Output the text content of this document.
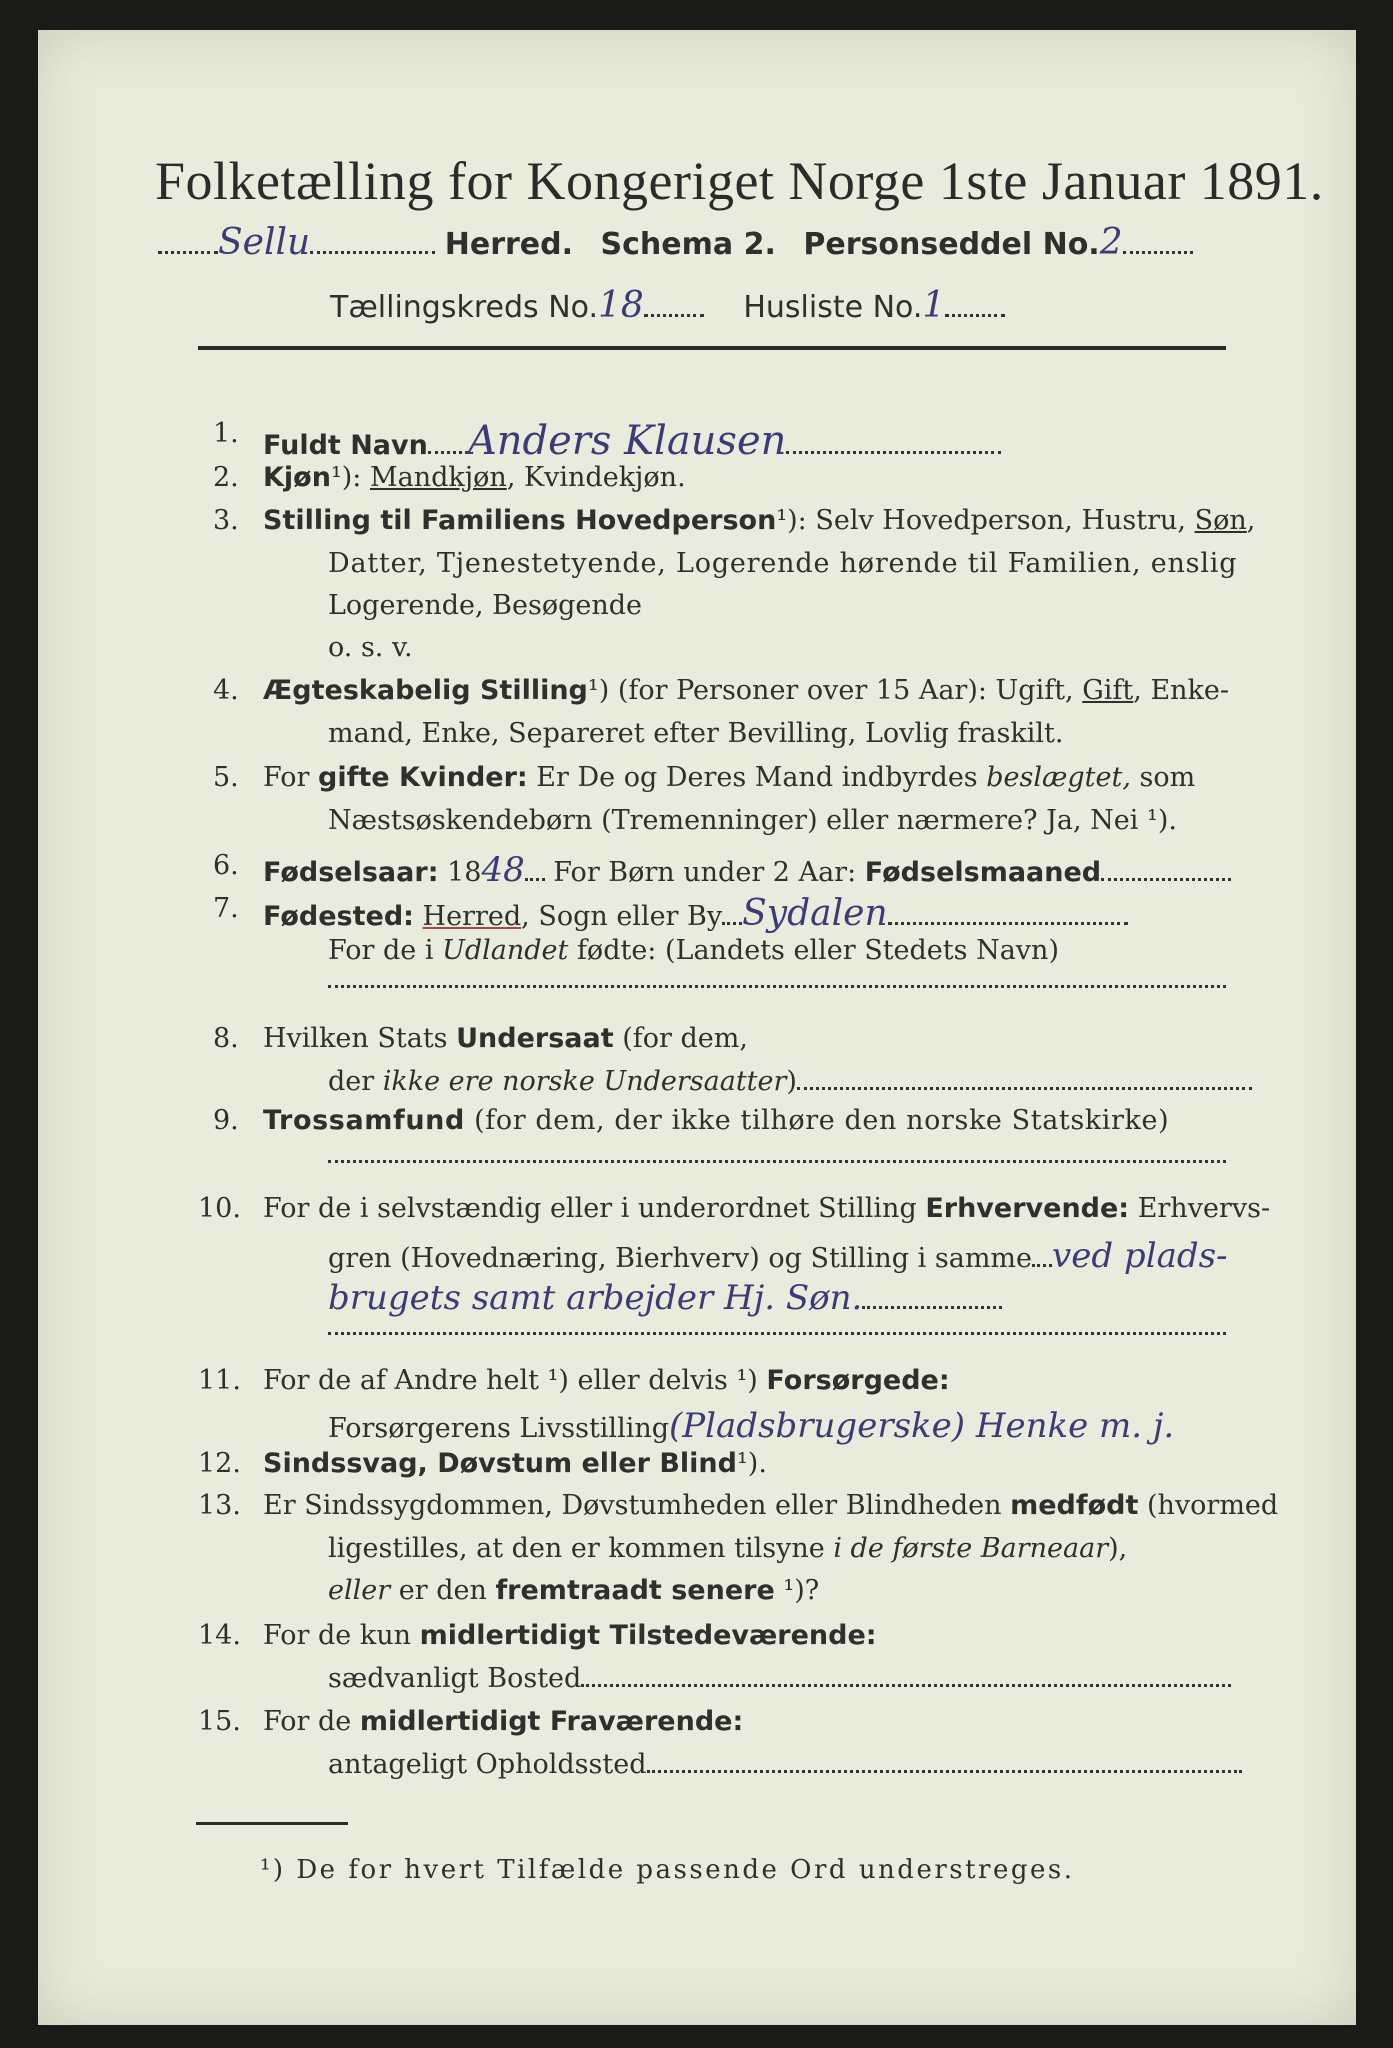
Folketælling for Kongeriget Norge 1ste Januar 1891.
Sellu	Herred. Schema 2. Personseddel No.2
Tællingskreds No.18	Husliste No.1
1. Fuldt Navn Anders Klausen
2. Kjøn¹): Mandkjøn, Kvindekjøn.
3. Stilling til Familiens Hovedperson¹): Selv Hovedperson, Hustru, Søn,
Datter, Tjenestetyende, Logerende hørende til Familien, enslig
Logerende, Besøgende
o. s. v.
4. Ægteskabelig Stilling¹) (for Personer over 15 Aar): Ugift, Gift, Enke-
mand, Enke, Separeret efter Bevilling, Lovlig fraskilt.
5. For gifte Kvinder: Er De og Deres Mand indbyrdes beslægtet, som
Næstsøskendebørn (Tremenninger) eller nærmere? Ja, Nei ¹).
6. Fødselsaar: 1848 For Børn under 2 Aar: Fødselsmaaned
7. Fødested: Herred, Sogn eller By Sydalen
For de i Udlandet fødte: (Landets eller Stedets Navn)
8. Hvilken Stats Undersaat (for dem,
der ikke ere norske Undersaatter)
9. Trossamfund (for dem, der ikke tilhøre den norske Statskirke)
10. For de i selvstændig eller i underordnet Stilling Erhvervende: Erhvervs-
gren (Hovednæring, Bierhverv) og Stilling i samme ved plads-
brugets samt arbejder Hj. Søn.
11. For de af Andre helt ¹) eller delvis ¹) Forsørgede:
Forsørgerens Livsstilling(Pladsbrugerske) Henke m. j.
12. Sindssvag, Døvstum eller Blind¹).
13. Er Sindssygdommen, Døvstumheden eller Blindheden medfødt (hvormed
ligestilles, at den er kommen tilsyne i de første Barneaar),
eller er den fremtraadt senere ¹)?
14. For de kun midlertidigt Tilstedeværende:
sædvanligt Bosted
15. For de midlertidigt Fraværende:
antageligt Opholdssted
¹) De for hvert Tilfælde passende Ord understreges.
